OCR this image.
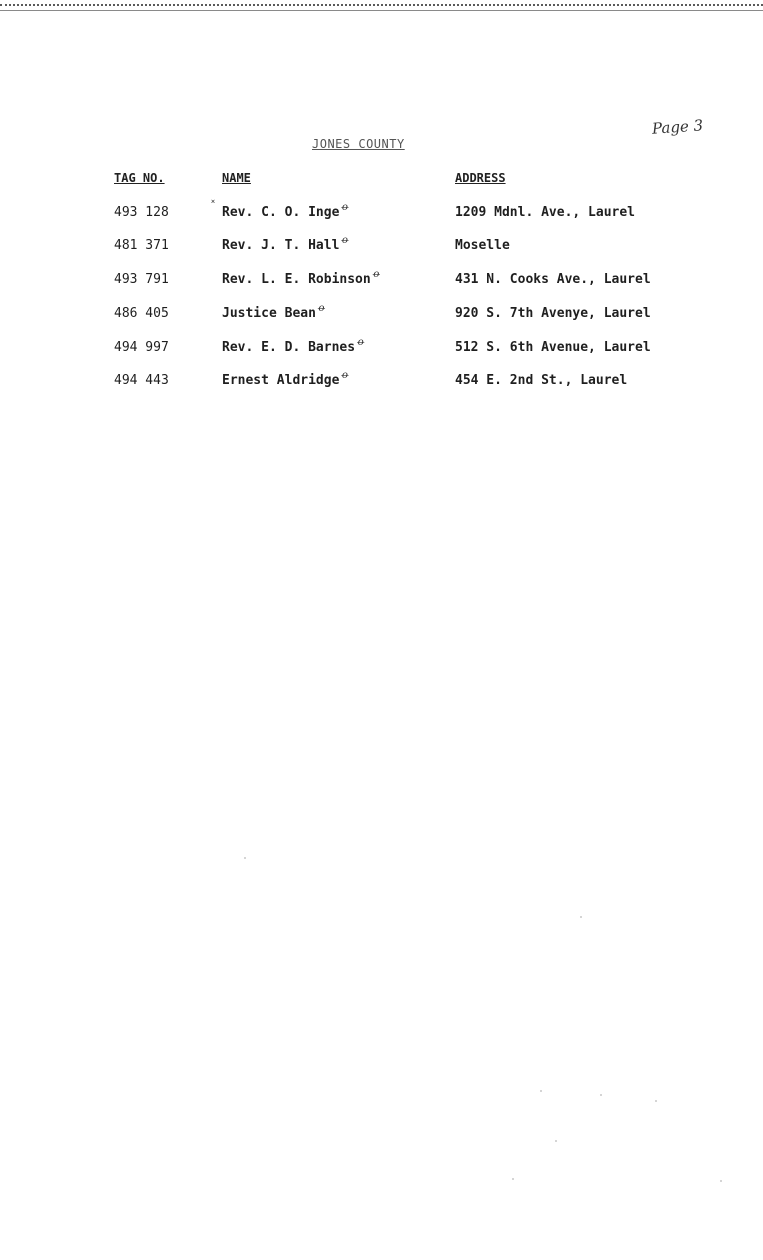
Page 3
JONES COUNTY
TAG NO.	NAME	ADDRESS
˟
493 128	Rev. C. O. Inge $^ꝋ$	1209 Mdnl. Ave., Laurel
481 371	Rev. J. T. Hall $^ꝋ$	Moselle
493 791	Rev. L. E. Robinson $^ꝋ$	431 N. Cooks Ave., Laurel
486 405	Justice Bean $^ꝋ$	920 S. 7th Avenye, Laurel
494 997	Rev. E. D. Barnes $^ꝋ$	512 S. 6th Avenue, Laurel
494 443	Ernest Aldridge $^ꝋ$	454 E. 2nd St., Laurel
